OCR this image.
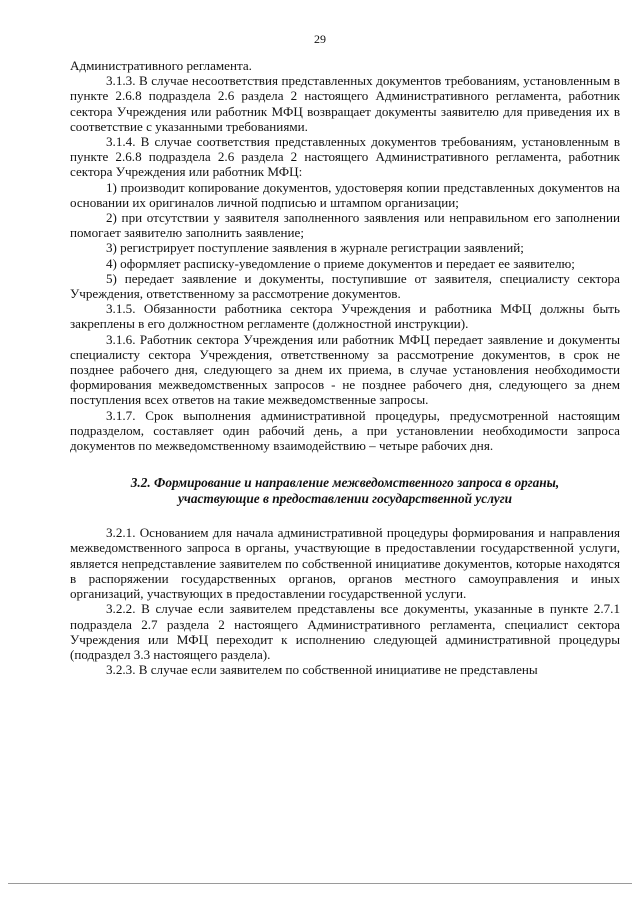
29

Административного регламента.

3.1.3. В случае несоответствия представленных документов требованиям, установленным в пункте 2.6.8 подраздела 2.6 раздела 2 настоящего Административного регламента, работник сектора Учреждения или работник МФЦ возвращает документы заявителю для приведения их в соответствие с указанными требованиями.

3.1.4. В случае соответствия представленных документов требованиям, установленным в пункте 2.6.8 подраздела 2.6 раздела 2 настоящего Административного регламента, работник сектора Учреждения или работник МФЦ:

1) производит копирование документов, удостоверяя копии представленных документов на основании их оригиналов личной подписью и штампом организации;

2) при отсутствии у заявителя заполненного заявления или неправильном его заполнении помогает заявителю заполнить заявление;

3) регистрирует поступление заявления в журнале регистрации заявлений;

4) оформляет расписку-уведомление о приеме документов и передает ее заявителю;

5) передает заявление и документы, поступившие от заявителя, специалисту сектора Учреждения, ответственному за рассмотрение документов.

3.1.5. Обязанности работника сектора Учреждения и работника МФЦ должны быть закреплены в его должностном регламенте (должностной инструкции).

3.1.6. Работник сектора Учреждения или работник МФЦ передает заявление и документы специалисту сектора Учреждения, ответственному за рассмотрение документов, в срок не позднее рабочего дня, следующего за днем их приема, в случае установления необходимости формирования межведомственных запросов - не позднее рабочего дня, следующего за днем поступления всех ответов на такие межведомственные запросы.

3.1.7. Срок выполнения административной процедуры, предусмотренной настоящим подразделом, составляет один рабочий день, а при установлении необходимости запроса документов по межведомственному взаимодействию – четыре рабочих дня.

3.2. Формирование и направление межведомственного запроса в органы,
участвующие в предоставлении государственной услуги

3.2.1. Основанием для начала административной процедуры формирования и направления межведомственного запроса в органы, участвующие в предоставлении государственной услуги, является непредставление заявителем по собственной инициативе документов, которые находятся в распоряжении государственных органов, органов местного самоуправления и иных организаций, участвующих в предоставлении государственной услуги.

3.2.2. В случае если заявителем представлены все документы, указанные в пункте 2.7.1 подраздела 2.7 раздела 2 настоящего Административного регламента, специалист сектора Учреждения или МФЦ переходит к исполнению следующей административной процедуры (подраздел 3.3 настоящего раздела).

3.2.3. В случае если заявителем по собственной инициативе не представлены
